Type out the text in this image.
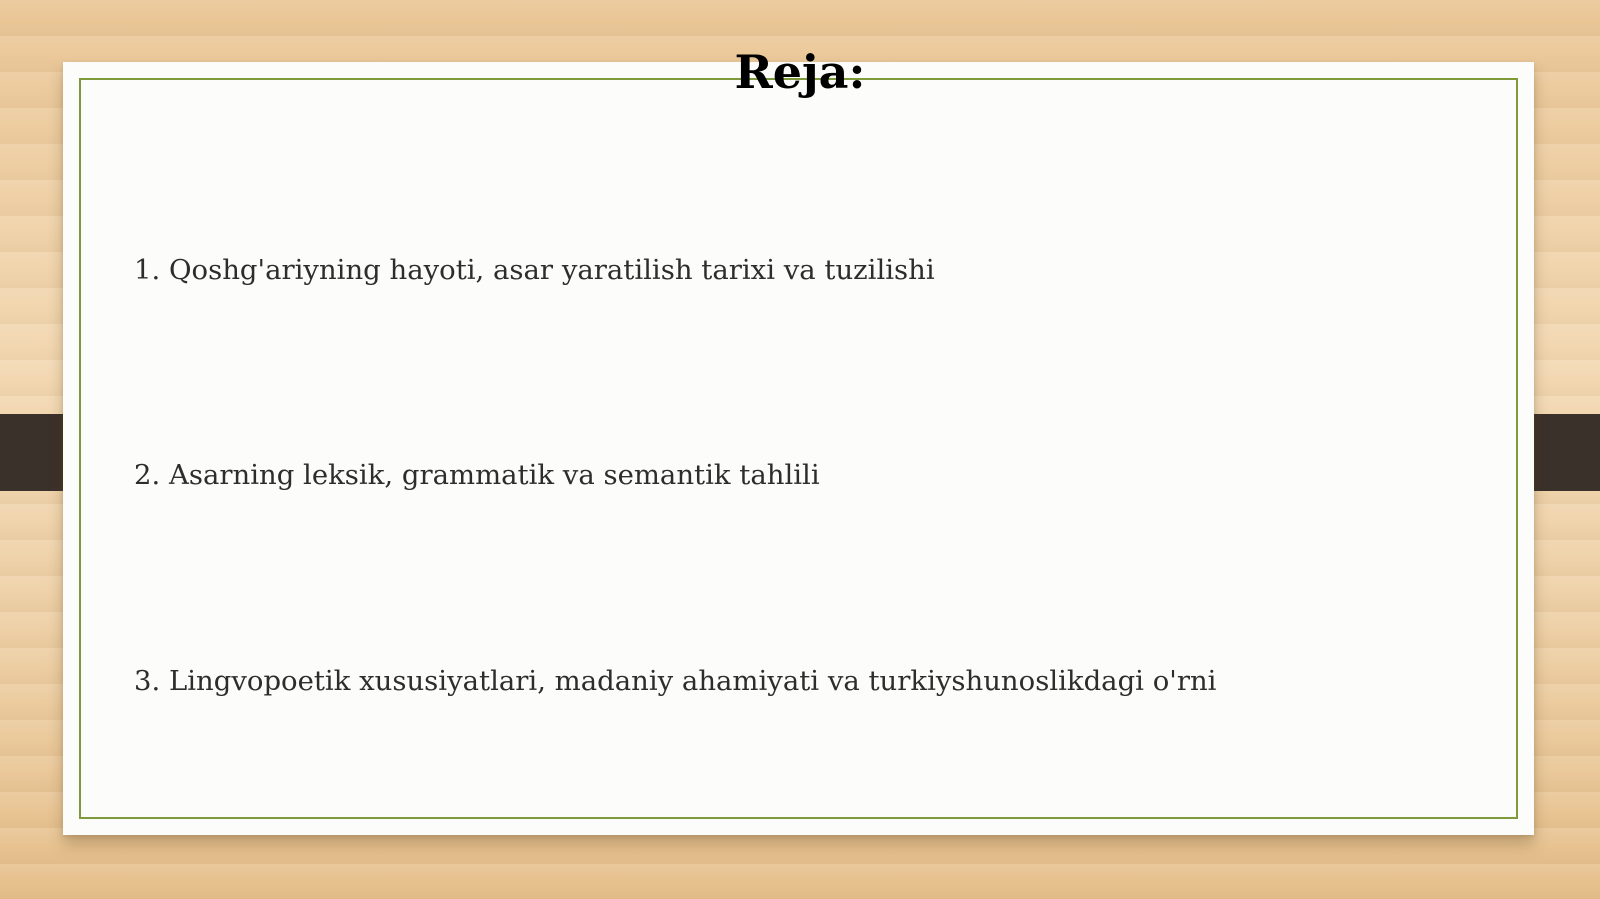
Reja:
1. Qoshg'ariyning hayoti, asar yaratilish tarixi va tuzilishi
2. Asarning leksik, grammatik va semantik tahlili
3. Lingvopoetik xususiyatlari, madaniy ahamiyati va turkiyshunoslikdagi o'rni
